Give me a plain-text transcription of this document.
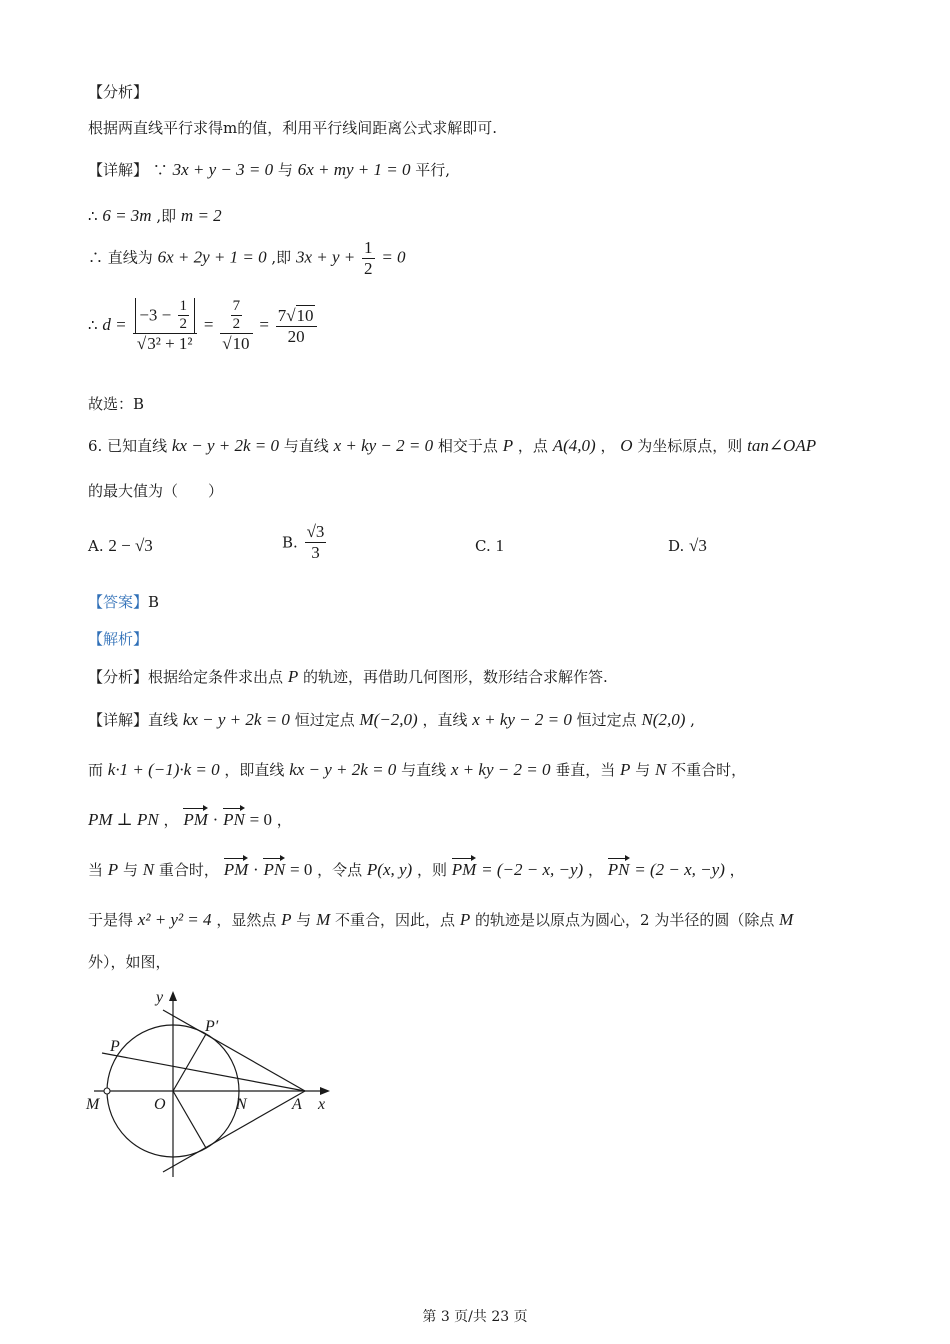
【分析】
根据两直线平行求得m的值，利用平行线间距离公式求解即可.
【详解】 ∵ 3x + y − 3 = 0 与 6x + my + 1 = 0 平行,
∴ 6 = 3m ,即 m = 2
∴ 直线为 6x + 2y + 1 = 0 ,即 $3x + y + \frac{1}{2} = 0$
∴ $d = \frac{-3 - \frac{1}{2}}{\text{√3² + 1²}} = \frac{\frac{7}{2}}{√10} = \frac{7√10}{20}$
故选：B
6. 已知直线 kx − y + 2k = 0 与直线 x + ky − 2 = 0 相交于点 P ，点 A(4,0) ， O 为坐标原点，则 tan∠OAP
的最大值为（　　）
A. 2 − √3	B. $\frac{√3}{3}$	C. 1	D. √3
【答案】B
【解析】
【分析】根据给定条件求出点 P 的轨迹，再借助几何图形，数形结合求解作答.
【详解】直线 kx − y + 2k = 0 恒过定点 M(−2,0) ，直线 x + ky − 2 = 0 恒过定点 N(2,0) ,
而 k·1 + (−1)·k = 0 ，即直线 kx − y + 2k = 0 与直线 x + ky − 2 = 0 垂直，当 P 与 N 不重合时，
PM ⊥ PN ， PM · PN = 0 ，
当 P 与 N 重合时， PM · PN = 0 ，令点 P(x, y) ，则 PM = (−2 − x, −y) ， PN = (2 − x, −y) ，
于是得 x² + y² = 4 ，显然点 P 与 M 不重合，因此，点 P 的轨迹是以原点为圆心，2 为半径的圆（除点 M
外），如图，
y
x
P
P′
M	O	N	A
第 3 页/共 23 页
